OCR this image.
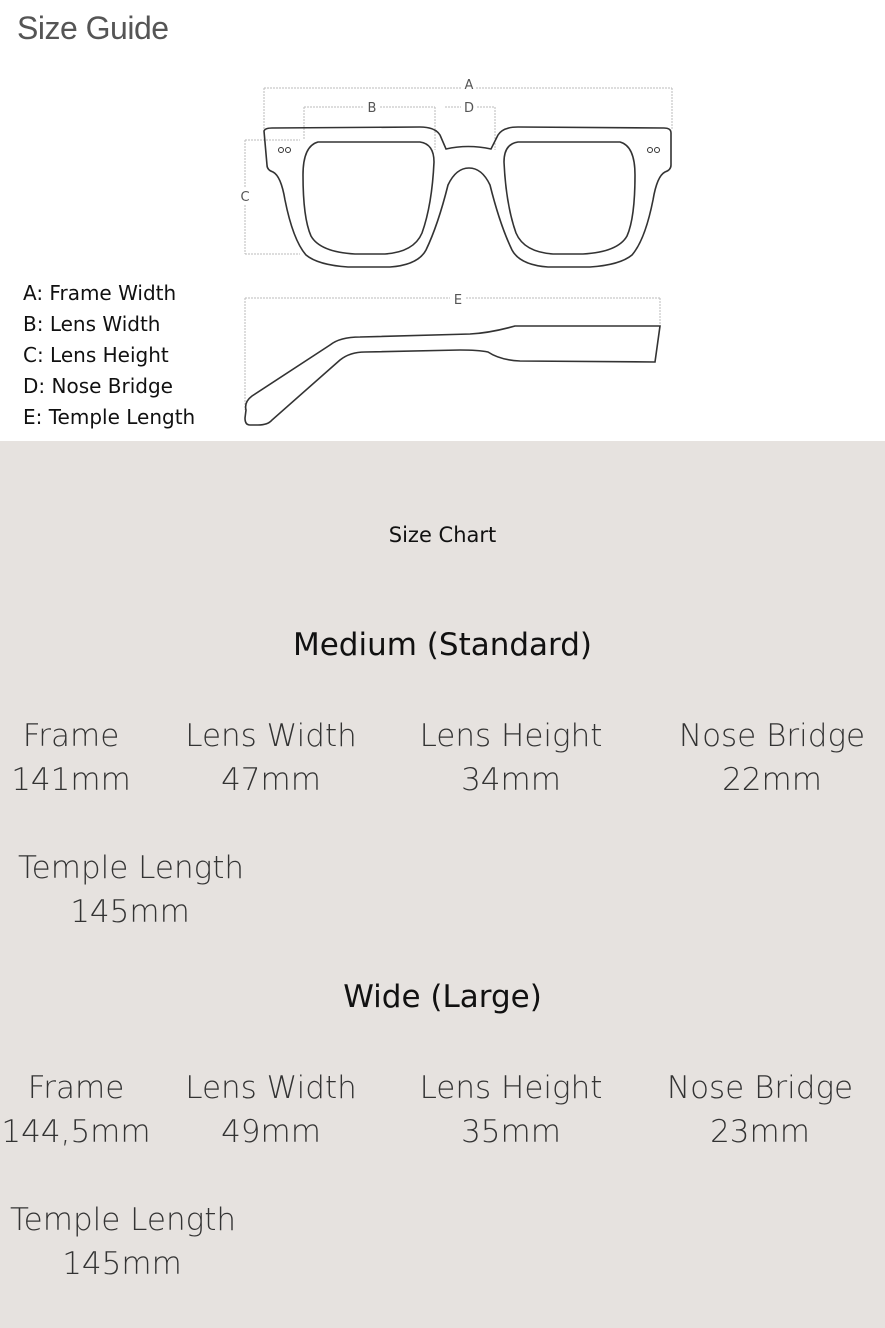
Size Guide
A
B	D
C
E
A: Frame Width
B: Lens Width
C: Lens Height
D: Nose Bridge
E: Temple Length
Size Chart
Medium (Standard)
Frame
141mm
Lens Width
47mm
Lens Height
34mm
Nose Bridge
22mm
Temple Length
145mm
Wide (Large)
Frame
144,5mm
Lens Width
49mm
Lens Height
35mm
Nose Bridge
23mm
Temple Length
145mm
